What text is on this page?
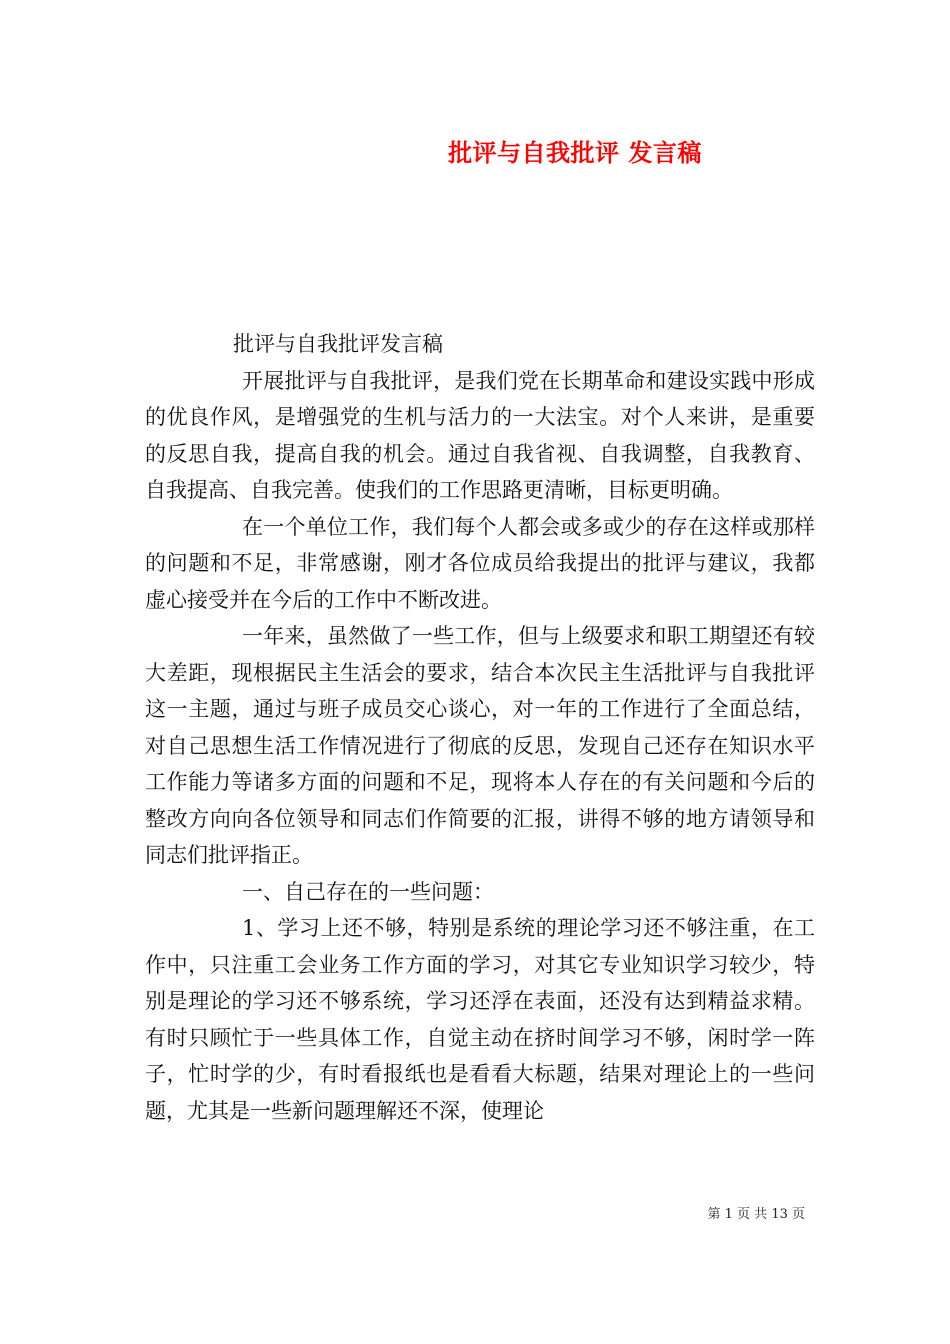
批评与自我批评 发言稿

批评与自我批评发言稿

开展批评与自我批评，是我们党在长期革命和建设实践中形成的优良作风，是增强党的生机与活力的一大法宝。对个人来讲，是重要的反思自我，提高自我的机会。通过自我省视、自我调整，自我教育、自我提高、自我完善。使我们的工作思路更清晰，目标更明确。

在一个单位工作，我们每个人都会或多或少的存在这样或那样的问题和不足，非常感谢，刚才各位成员给我提出的批评与建议，我都虚心接受并在今后的工作中不断改进。

一年来，虽然做了一些工作，但与上级要求和职工期望还有较大差距，现根据民主生活会的要求，结合本次民主生活批评与自我批评这一主题，通过与班子成员交心谈心，对一年的工作进行了全面总结，对自己思想生活工作情况进行了彻底的反思，发现自己还存在知识水平工作能力等诸多方面的问题和不足，现将本人存在的有关问题和今后的整改方向向各位领导和同志们作简要的汇报，讲得不够的地方请领导和同志们批评指正。

一、自己存在的一些问题：

1、学习上还不够，特别是系统的理论学习还不够注重，在工作中，只注重工会业务工作方面的学习，对其它专业知识学习较少，特别是理论的学习还不够系统，学习还浮在表面，还没有达到精益求精。有时只顾忙于一些具体工作，自觉主动在挤时间学习不够，闲时学一阵子，忙时学的少，有时看报纸也是看看大标题，结果对理论上的一些问题，尤其是一些新问题理解还不深，使理论

第 1 页 共 13 页
